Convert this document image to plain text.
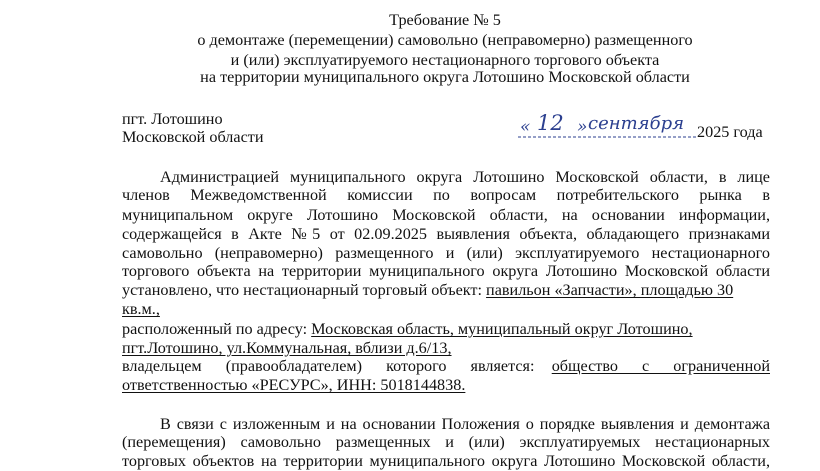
Требование № 5
о демонтаже (перемещении) самовольно (неправомерно) размещенного
и (или) эксплуатируемого нестационарного торгового объекта
на территории муниципального округа Лотошино Московской области
пгт. Лотошино
Московской области	« 12 » сентября 2025 года
Администрацией муниципального округа Лотошино Московской области, в лице
членов Межведомственной комиссии по вопросам потребительского рынка в
муниципальном округе Лотошино Московской области, на основании информации,
содержащейся в Акте №5 от 02.09.2025 выявления объекта, обладающего признаками
самовольно (неправомерно) размещенного и (или) эксплуатируемого нестационарного
торгового объекта на территории муниципального округа Лотошино Московской области
установлено, что нестационарный торговый объект: павильон «Запчасти», площадью 30
кв.м.,
расположенный по адресу: Московская область, муниципальный округ Лотошино,
пгт.Лотошино, ул.Коммунальная, вблизи д.6/13,
владельцем (правообладателем) которого является: общество с ограниченной
ответственностью «РЕСУРС», ИНН: 5018144838.
В связи с изложенным и на основании Положения о порядке выявления и демонтажа
(перемещения) самовольно размещенных и (или) эксплуатируемых нестационарных
торговых объектов на территории муниципального округа Лотошино Московской области,
